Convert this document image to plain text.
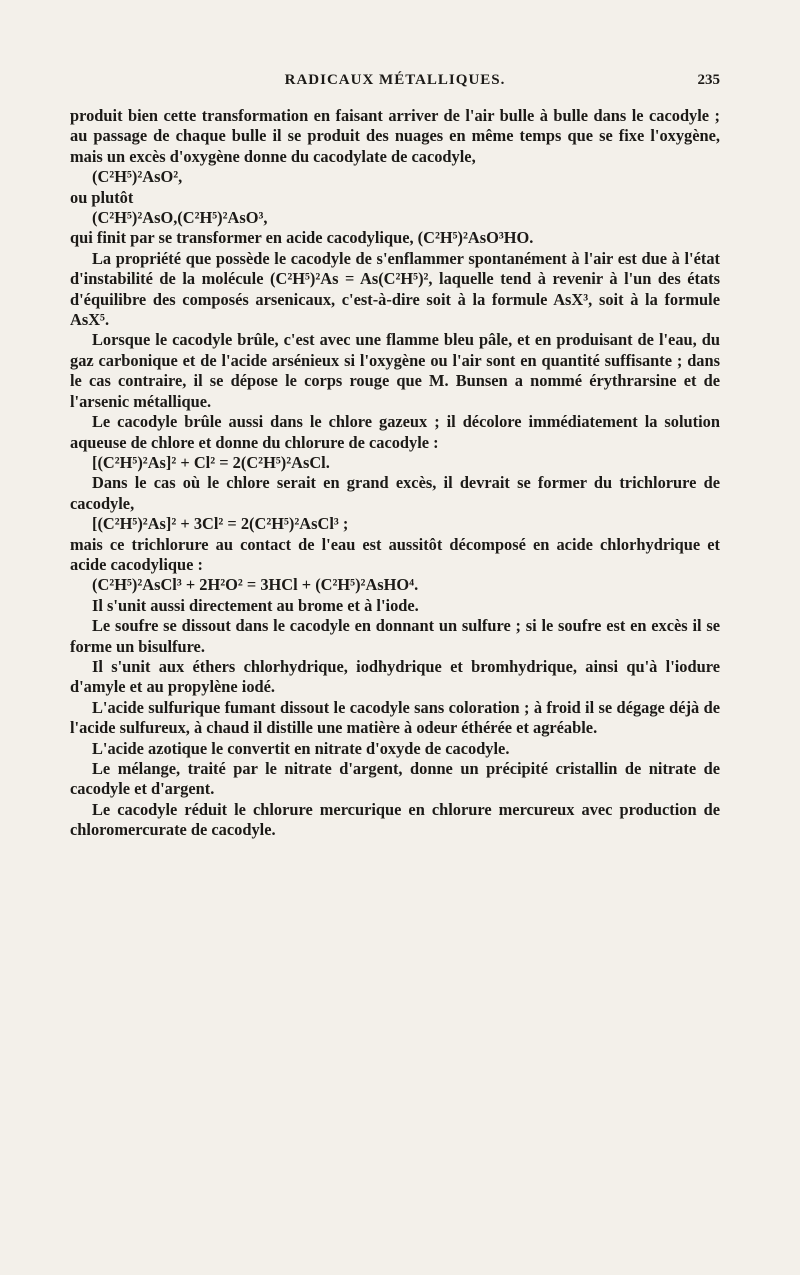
RADICAUX MÉTALLIQUES.	235

produit bien cette transformation en faisant arriver de l'air bulle à bulle dans le cacodyle ; au passage de chaque bulle il se produit des nuages en même temps que se fixe l'oxygène, mais un excès d'oxygène donne du cacodylate de cacodyle,

(C²H⁵)²AsO²,

ou plutôt

(C²H⁵)²AsO,(C²H⁵)²AsO³,

qui finit par se transformer en acide cacodylique, (C²H⁵)²AsO³HO.

La propriété que possède le cacodyle de s'enflammer spontanément à l'air est due à l'état d'instabilité de la molécule (C²H⁵)²As = As(C²H⁵)², laquelle tend à revenir à l'un des états d'équilibre des composés arsenicaux, c'est-à-dire soit à la formule AsX³, soit à la formule AsX⁵.

Lorsque le cacodyle brûle, c'est avec une flamme bleu pâle, et en produisant de l'eau, du gaz carbonique et de l'acide arsénieux si l'oxygène ou l'air sont en quantité suffisante ; dans le cas contraire, il se dépose le corps rouge que M. Bunsen a nommé érythrarsine et de l'arsenic métallique.

Le cacodyle brûle aussi dans le chlore gazeux ; il décolore immédiatement la solution aqueuse de chlore et donne du chlorure de cacodyle :

[(C²H⁵)²As]² + Cl² = 2(C²H⁵)²AsCl.

Dans le cas où le chlore serait en grand excès, il devrait se former du trichlorure de cacodyle,

[(C²H⁵)²As]² + 3Cl² = 2(C²H⁵)²AsCl³ ;

mais ce trichlorure au contact de l'eau est aussitôt décomposé en acide chlorhydrique et acide cacodylique :

(C²H⁵)²AsCl³ + 2H²O² = 3HCl + (C²H⁵)²AsHO⁴.

Il s'unit aussi directement au brome et à l'iode.

Le soufre se dissout dans le cacodyle en donnant un sulfure ; si le soufre est en excès il se forme un bisulfure.

Il s'unit aux éthers chlorhydrique, iodhydrique et bromhydrique, ainsi qu'à l'iodure d'amyle et au propylène iodé.

L'acide sulfurique fumant dissout le cacodyle sans coloration ; à froid il se dégage déjà de l'acide sulfureux, à chaud il distille une matière à odeur éthérée et agréable.

L'acide azotique le convertit en nitrate d'oxyde de cacodyle.

Le mélange, traité par le nitrate d'argent, donne un précipité cristallin de nitrate de cacodyle et d'argent.

Le cacodyle réduit le chlorure mercurique en chlorure mercureux avec production de chloromercurate de cacodyle.
